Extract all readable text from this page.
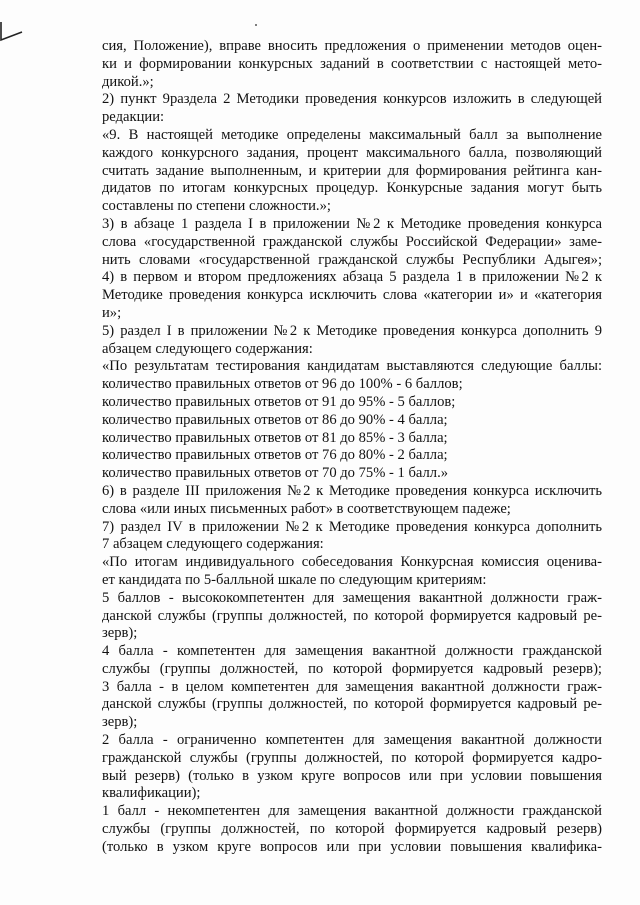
сия, Положение), вправе вносить предложения о применении методов оцен-
ки и формировании конкурсных заданий в соответствии с настоящей мето-
дикой.»;
2) пункт 9раздела 2 Методики проведения конкурсов изложить в следующей
редакции:
«9. В настоящей методике определены максимальный балл за выполнение
каждого конкурсного задания, процент максимального балла, позволяющий
считать задание выполненным, и критерии для формирования рейтинга кан-
дидатов по итогам конкурсных процедур. Конкурсные задания могут быть
составлены по степени сложности.»;
3) в абзаце 1 раздела I в приложении №2 к Методике проведения конкурса
слова «государственной гражданской службы Российской Федерации» заме-
нить словами «государственной гражданской службы Республики Адыгея»;
4) в первом и втором предложениях абзаца 5 раздела 1 в приложении №2 к
Методике проведения конкурса исключить слова «категории и» и «категория
и»;
5) раздел I в приложении №2 к Методике проведения конкурса дополнить 9
абзацем следующего содержания:
«По результатам тестирования кандидатам выставляются следующие баллы:
количество правильных ответов от 96 до 100% - 6 баллов;
количество правильных ответов от 91 до 95% - 5 баллов;
количество правильных ответов от 86 до 90% - 4 балла;
количество правильных ответов от 81 до 85% - 3 балла;
количество правильных ответов от 76 до 80% - 2 балла;
количество правильных ответов от 70 до 75% - 1 балл.»
6) в разделе III приложения №2 к Методике проведения конкурса исключить
слова «или иных письменных работ» в соответствующем падеже;
7) раздел IV в приложении №2 к Методике проведения конкурса дополнить
7 абзацем следующего содержания:
«По итогам индивидуального собеседования Конкурсная комиссия оценива-
ет кандидата по 5-балльной шкале по следующим критериям:
5 баллов - высококомпетентен для замещения вакантной должности граж-
данской службы (группы должностей, по которой формируется кадровый ре-
зерв);
4 балла - компетентен для замещения вакантной должности гражданской
службы (группы должностей, по которой формируется кадровый резерв);
3 балла - в целом компетентен для замещения вакантной должности граж-
данской службы (группы должностей, по которой формируется кадровый ре-
зерв);
2 балла - ограниченно компетентен для замещения вакантной должности
гражданской службы (группы должностей, по которой формируется кадро-
вый резерв) (только в узком круге вопросов или при условии повышения
квалификации);
1 балл - некомпетентен для замещения вакантной должности гражданской
службы (группы должностей, по которой формируется кадровый резерв)
(только в узком круге вопросов или при условии повышения квалифика-
